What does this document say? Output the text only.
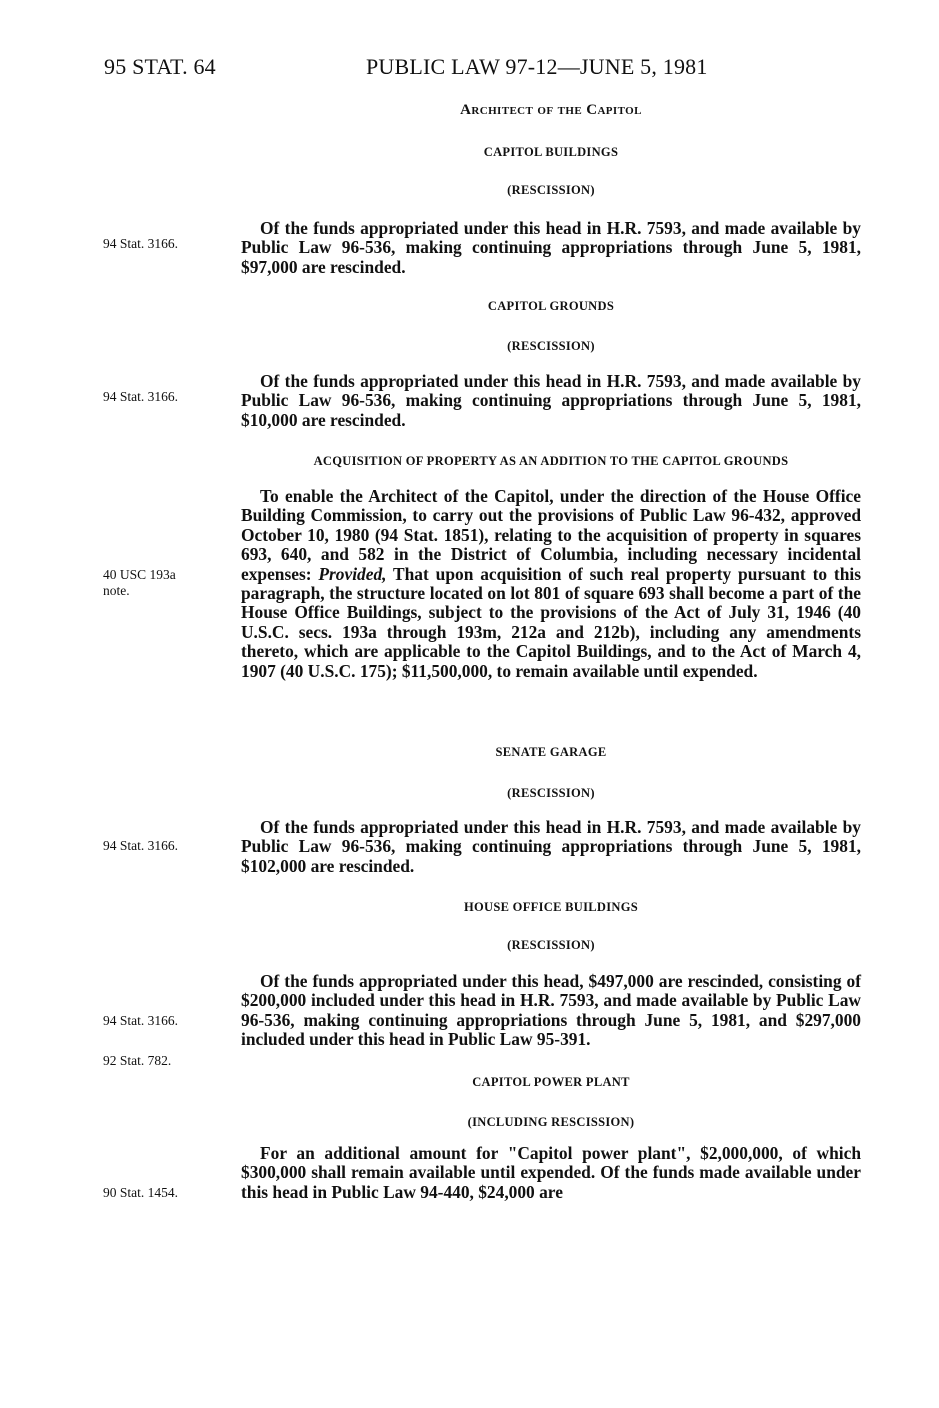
95 STAT. 64	PUBLIC LAW 97-12—JUNE 5, 1981
Architect of the Capitol
CAPITOL BUILDINGS
(RESCISSION)
94 Stat. 3166.

Of the funds appropriated under this head in H.R. 7593, and made available by Public Law 96-536, making continuing appropriations through June 5, 1981, $97,000 are rescinded.

CAPITOL GROUNDS
(RESCISSION)
94 Stat. 3166.

Of the funds appropriated under this head in H.R. 7593, and made available by Public Law 96-536, making continuing appropriations through June 5, 1981, $10,000 are rescinded.

ACQUISITION OF PROPERTY AS AN ADDITION TO THE CAPITOL GROUNDS
40 USC 193a
note.

To enable the Architect of the Capitol, under the direction of the House Office Building Commission, to carry out the provisions of Public Law 96-432, approved October 10, 1980 (94 Stat. 1851), relating to the acquisition of property in squares 693, 640, and 582 in the District of Columbia, including necessary incidental expenses: Provided, That upon acquisition of such real property pursuant to this paragraph, the structure located on lot 801 of square 693 shall become a part of the House Office Buildings, subject to the provisions of the Act of July 31, 1946 (40 U.S.C. secs. 193a through 193m, 212a and 212b), including any amendments thereto, which are applicable to the Capitol Buildings, and to the Act of March 4, 1907 (40 U.S.C. 175); $11,500,000, to remain available until expended.

SENATE GARAGE
(RESCISSION)
94 Stat. 3166.

Of the funds appropriated under this head in H.R. 7593, and made available by Public Law 96-536, making continuing appropriations through June 5, 1981, $102,000 are rescinded.

HOUSE OFFICE BUILDINGS
(RESCISSION)
94 Stat. 3166.
92 Stat. 782.

Of the funds appropriated under this head, $497,000 are rescinded, consisting of $200,000 included under this head in H.R. 7593, and made available by Public Law 96-536, making continuing appropriations through June 5, 1981, and $297,000 included under this head in Public Law 95-391.

CAPITOL POWER PLANT
(INCLUDING RESCISSION)
90 Stat. 1454.

For an additional amount for "Capitol power plant", $2,000,000, of which $300,000 shall remain available until expended. Of the funds made available under this head in Public Law 94-440, $24,000 are
